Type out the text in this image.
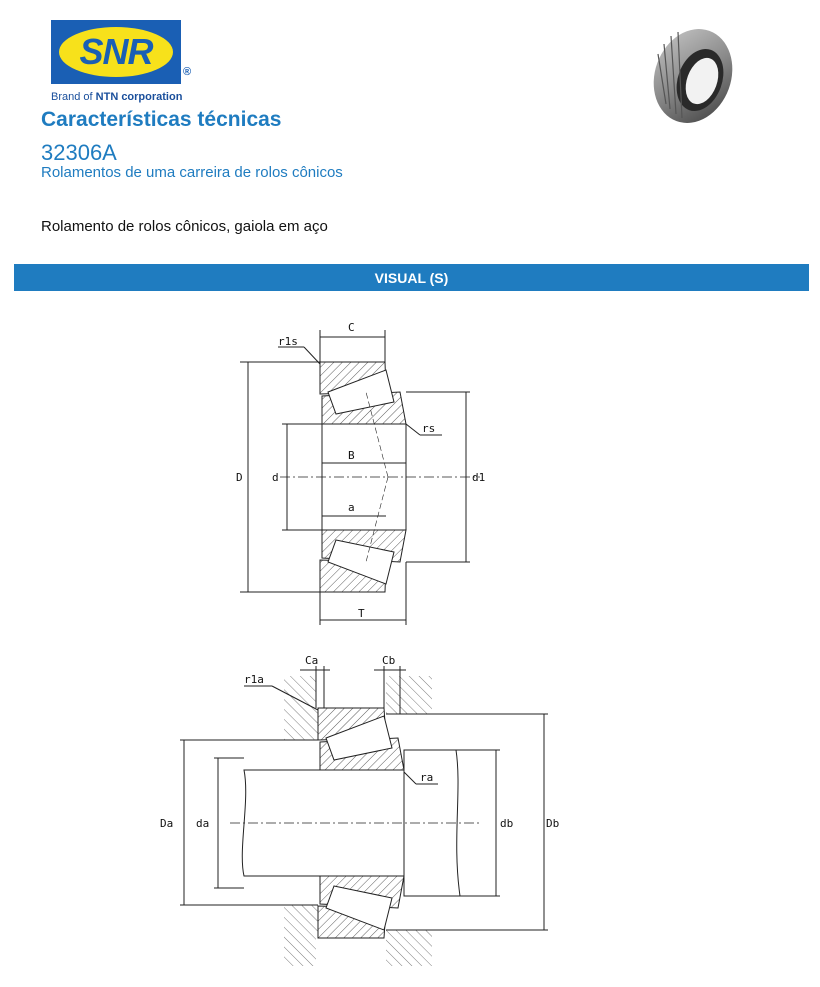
SNR	®
Brand of NTN corporation
Características técnicas
32306A
Rolamentos de uma carreira de rolos cônicos
Rolamento de rolos cônicos, gaiola em aço
VISUAL (S)
C
r1s
rs
D	d	d1
B
a
T
Ca	Cb
r1a
ra
Da da	db	Db
